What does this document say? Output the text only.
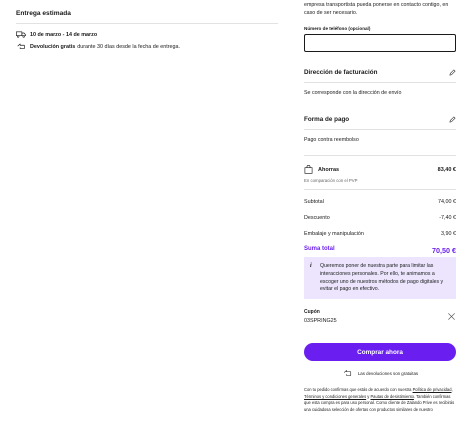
Entrega estimada
10 de marzo - 14 de marzo
Devolución gratis durante 30 días desde la fecha de entrega.

empresa transportista pueda ponerse en contacto contigo, en caso de ser necesario.

Número de teléfono (opcional)
Dirección de facturación
Se corresponde con la dirección de envío
Forma de pago
Pago contra reembolso
Ahorras	83,40 €
En comparación con el PVP
Subtotal	74,00 €
Descuento	-7,40 €
Embalaje y manipulación	3,90 €
Suma total	70,50 €
i	Queremos poner de nuestra parte para limitar las interacciones personales. Por ello, te animamos a escoger uno de nuestros métodos de pago digitales y evitar el pago en efectivo.
Cupón
03SPRING25
Comprar ahora
Las devoluciones son gratuitas

Con tu pedido confirmas que estás de acuerdo con nuestra Política de privacidad, Términos y condiciones generales y Pautas de desistimiento. También confirmas que esta compra es para uso personal. Como cliente de Zalando Prive es recibirás una cuidadosa selección de ofertas con productos similares de nuestro
